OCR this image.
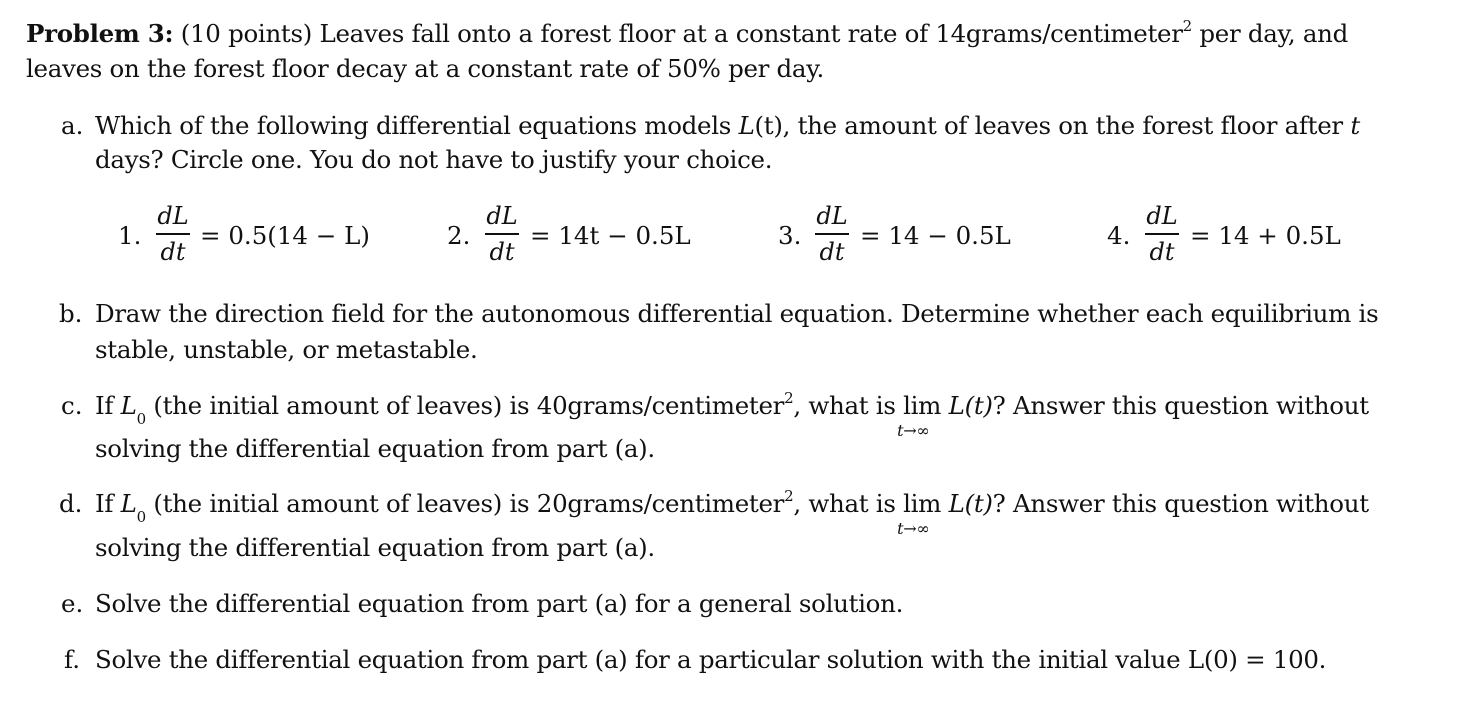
Problem 3: (10 points) Leaves fall onto a forest floor at a constant rate of 14grams/centimeter$^2$ per day, and
leaves on the forest floor decay at a constant rate of 50% per day.
a. Which of the following differential equations models L(t), the amount of leaves on the forest floor after t
days? Circle one. You do not have to justify your choice.
1.
dL
dt
= 0.5(14 − L)	2.
dL
dt
= 14t − 0.5L	3.
dL
dt
= 14 − 0.5L	4.
dL
dt
= 14 + 0.5L
b. Draw the direction field for the autonomous differential equation. Determine whether each equilibrium is
stable, unstable, or metastable.
c. If $L_0$ (the initial amount of leaves) is 40grams/centimeter$^2$, what is lim
t→∞
L(t)? Answer this question without
solving the differential equation from part (a).
d. If $L_0$ (the initial amount of leaves) is 20grams/centimeter$^2$, what is lim
t→∞
L(t)? Answer this question without
solving the differential equation from part (a).
e. Solve the differential equation from part (a) for a general solution.
f. Solve the differential equation from part (a) for a particular solution with the initial value L(0) = 100.
